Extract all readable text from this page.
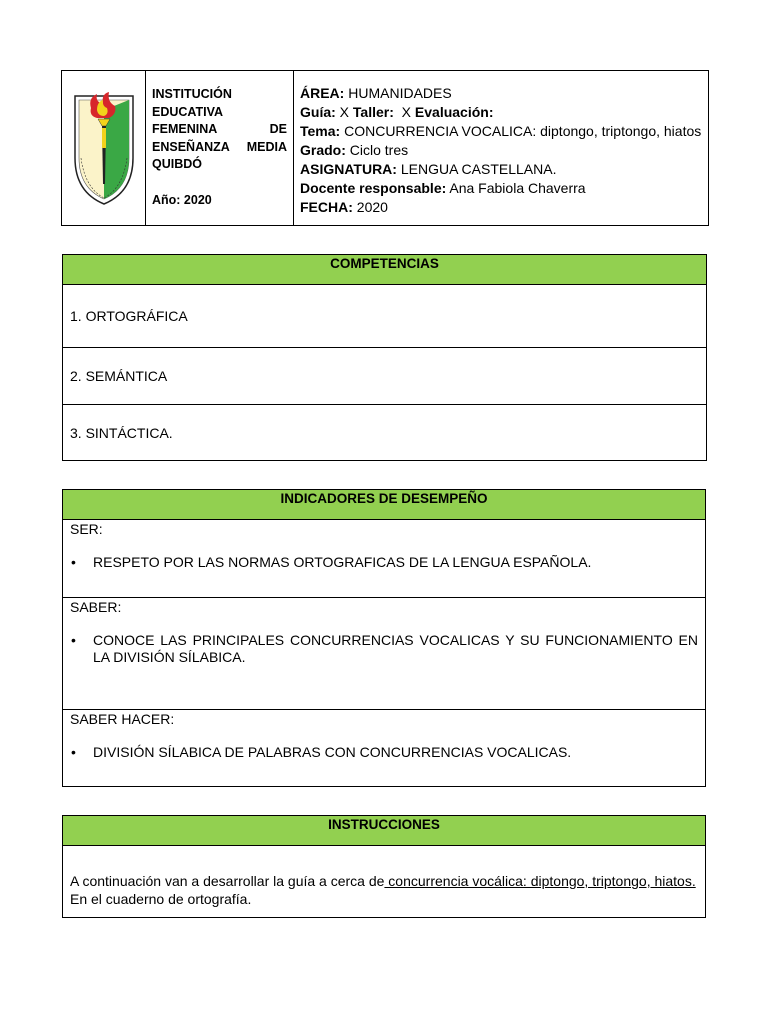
INSTITUCIÓN EDUCATIVA FEMENINA DE ENSEÑANZA MEDIA QUIBDÓ
Año: 2020
ÁREA: HUMANIDADES
Guía: X Taller:  X Evaluación:
Tema: CONCURRENCIA VOCALICA: diptongo, triptongo, hiatos
Grado: Ciclo tres
ASIGNATURA: LENGUA CASTELLANA.
Docente responsable: Ana Fabiola Chaverra
FECHA: 2020
COMPETENCIAS
1. ORTOGRÁFICA
2. SEMÁNTICA
3. SINTÁCTICA.
INDICADORES DE DESEMPEÑO
SER:
•	RESPETO POR LAS NORMAS ORTOGRAFICAS DE LA LENGUA ESPAÑOLA.
SABER:
•	CONOCE LAS PRINCIPALES CONCURRENCIAS VOCALICAS Y SU FUNCIONAMIENTO EN LA DIVISIÓN SÍLABICA.
SABER HACER:
•	DIVISIÓN SÍLABICA DE PALABRAS CON CONCURRENCIAS VOCALICAS.
INSTRUCCIONES
A continuación van a desarrollar la guía a cerca de concurrencia vocálica: diptongo, triptongo, hiatos.
En el cuaderno de ortografía.
